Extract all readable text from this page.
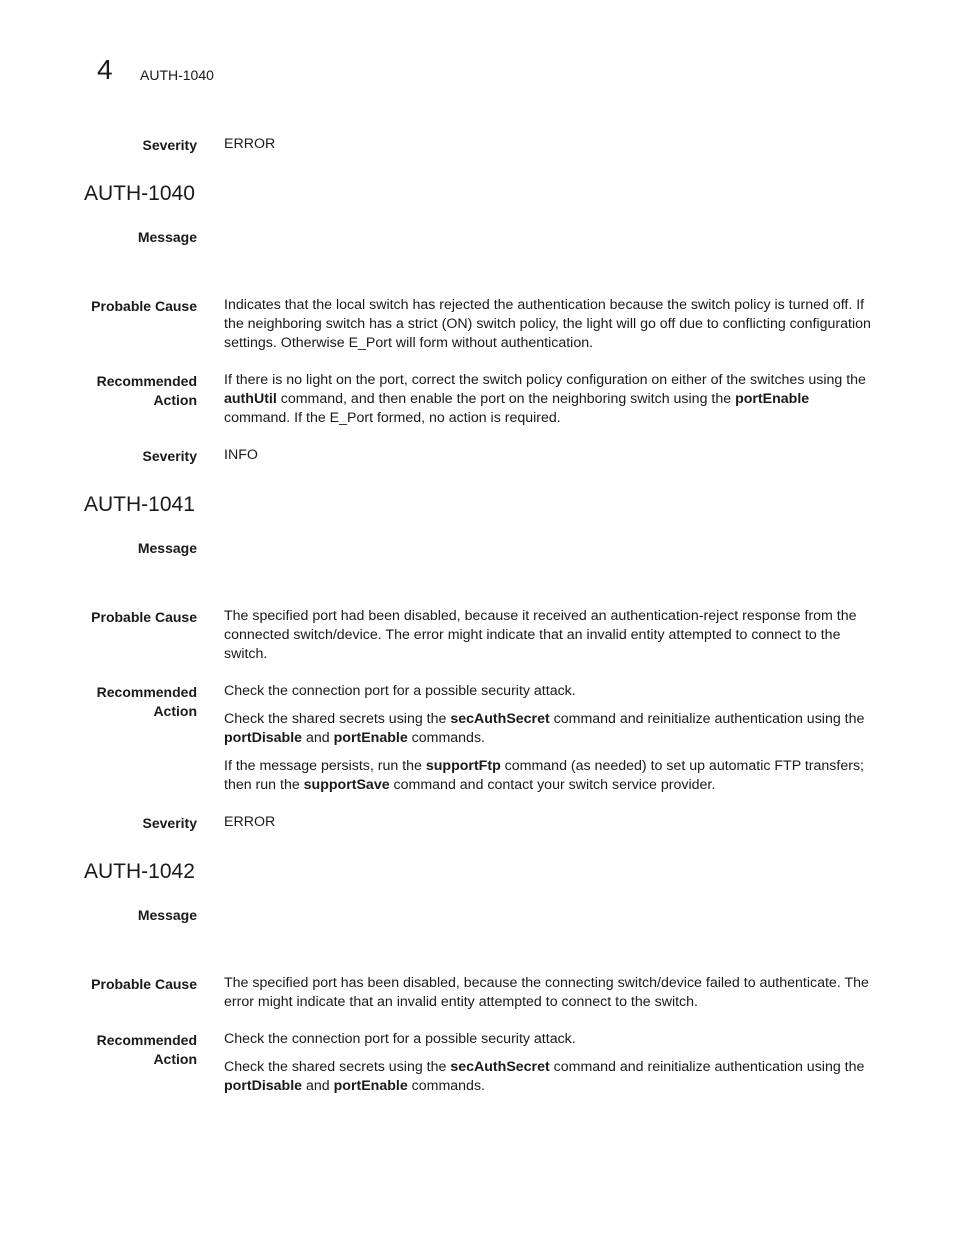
4 AUTH-1040
Severity ERROR
AUTH-1040
Message
Probable Cause Indicates that the local switch has rejected the authentication because the switch policy is turned off. If the neighboring switch has a strict (ON) switch policy, the light will go off due to conflicting configuration settings. Otherwise E_Port will form without authentication.
Recommended
Action

If there is no light on the port, correct the switch policy configuration on either of the switches using the authUtil command, and then enable the port on the neighboring switch using the portEnable command. If the E_Port formed, no action is required.

Severity INFO
AUTH-1041
Message
Probable Cause The specified port had been disabled, because it received an authentication-reject response from the connected switch/device. The error might indicate that an invalid entity attempted to connect to the switch.
Recommended
Action

Check the connection port for a possible security attack.

Check the shared secrets using the secAuthSecret command and reinitialize authentication using the portDisable and portEnable commands.

If the message persists, run the supportFtp command (as needed) to set up automatic FTP transfers; then run the supportSave command and contact your switch service provider.

Severity ERROR
AUTH-1042
Message
Probable Cause The specified port has been disabled, because the connecting switch/device failed to authenticate. The error might indicate that an invalid entity attempted to connect to the switch.
Recommended
Action

Check the connection port for a possible security attack.

Check the shared secrets using the secAuthSecret command and reinitialize authentication using the portDisable and portEnable commands.
